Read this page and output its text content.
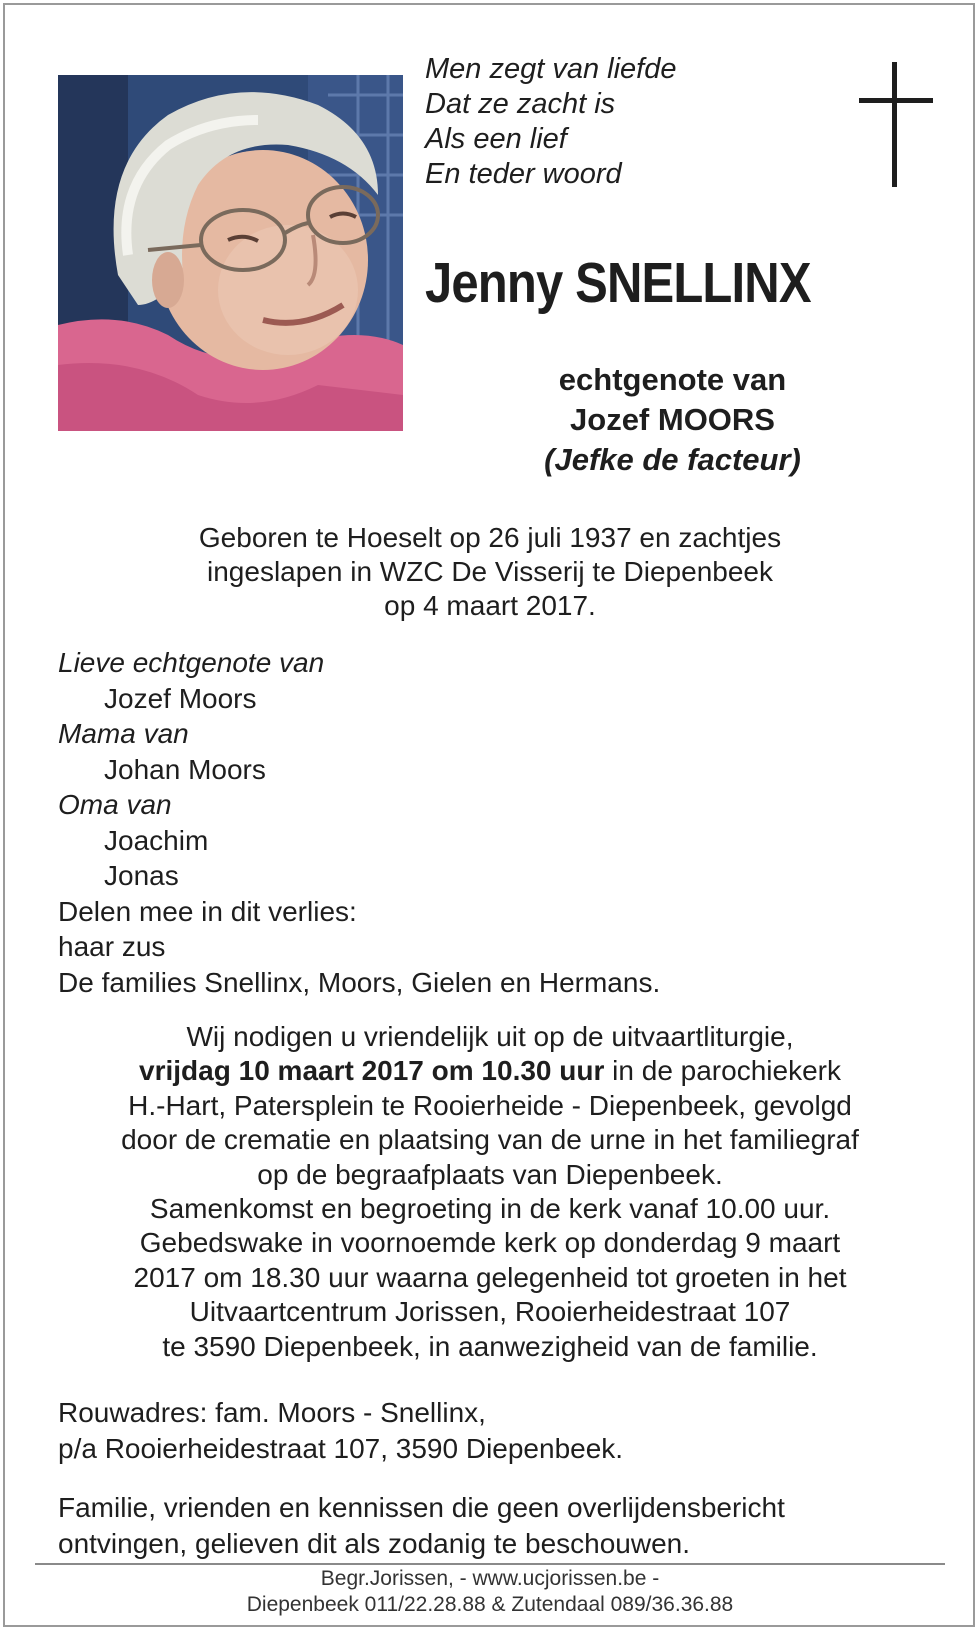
Men zegt van liefde
Dat ze zacht is
Als een lief
En teder woord
Jenny SNELLINX
echtgenote van
Jozef MOORS
(Jefke de facteur)
Geboren te Hoeselt op 26 juli 1937 en zachtjes
ingeslapen in WZC De Visserij te Diepenbeek
op 4 maart 2017.
Lieve echtgenote van
Jozef Moors
Mama van
Johan Moors
Oma van
Joachim
Jonas
Delen mee in dit verlies:
haar zus
De families Snellinx, Moors, Gielen en Hermans.
Wij nodigen u vriendelijk uit op de uitvaartliturgie,
vrijdag 10 maart 2017 om 10.30 uur in de parochiekerk
H.-Hart, Patersplein te Rooierheide - Diepenbeek, gevolgd
door de crematie en plaatsing van de urne in het familiegraf
op de begraafplaats van Diepenbeek.
Samenkomst en begroeting in de kerk vanaf 10.00 uur.
Gebedswake in voornoemde kerk op donderdag 9 maart
2017 om 18.30 uur waarna gelegenheid tot groeten in het
Uitvaartcentrum Jorissen, Rooierheidestraat 107
te 3590 Diepenbeek, in aanwezigheid van de familie.
Rouwadres: fam. Moors - Snellinx,
p/a Rooierheidestraat 107, 3590 Diepenbeek.
Familie, vrienden en kennissen die geen overlijdensbericht
ontvingen, gelieven dit als zodanig te beschouwen.
Begr.Jorissen, - www.ucjorissen.be -
Diepenbeek 011/22.28.88 & Zutendaal 089/36.36.88
